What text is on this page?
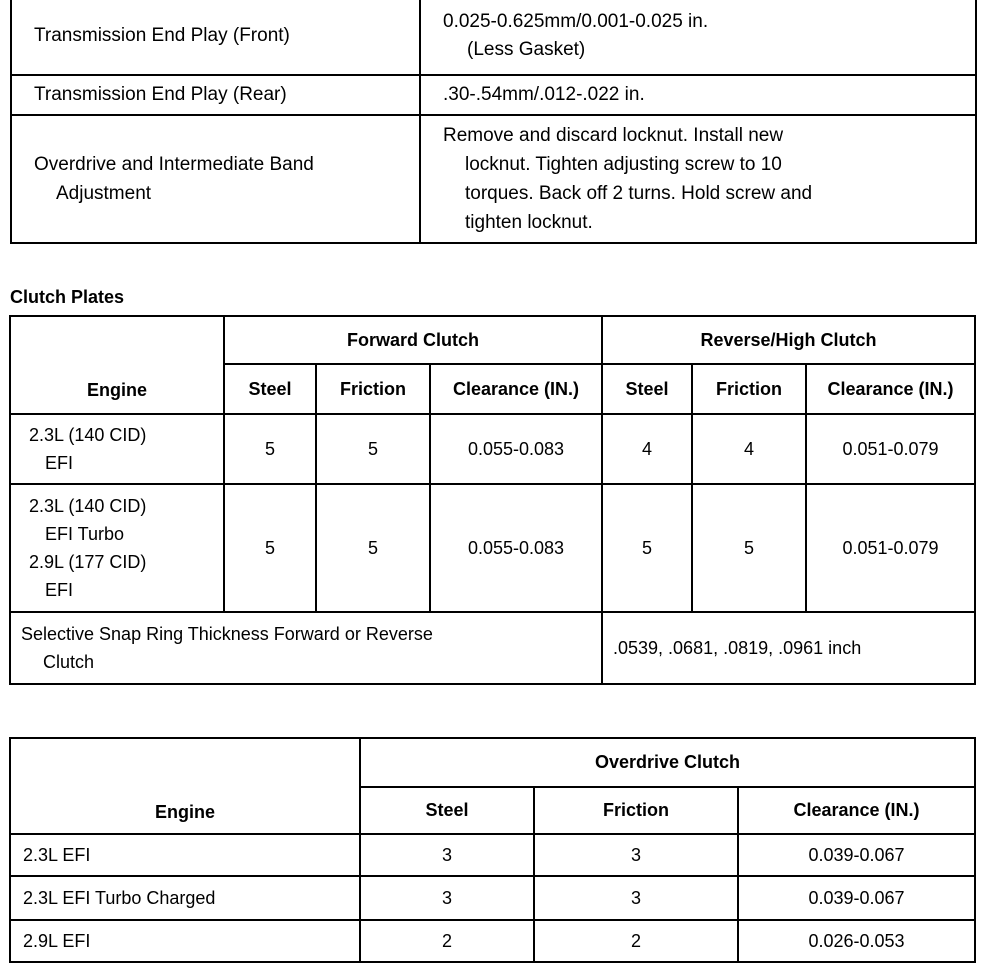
Transmission End Play (Front)	0.025-0.625mm/0.001-0.025 in.
(Less Gasket)

Transmission End Play (Rear)	.30-.54mm/.012-.022 in.

Overdrive and Intermediate Band
Adjustment	Remove and discard locknut. Install new
locknut. Tighten adjusting screw to 10
torques. Back off 2 turns. Hold screw and
tighten locknut.
Clutch Plates
Engine	Forward Clutch			Reverse/High Clutch		
	Steel	Friction	Clearance (IN.)	Steel	Friction	Clearance (IN.)

2.3L (140 CID)
EFI	5	5	0.055-0.083	4	4	0.051-0.079

2.3L (140 CID)
EFI Turbo
2.9L (177 CID)
EFI	5	5	0.055-0.083	5	5	0.051-0.079

Selective Snap Ring Thickness Forward or Reverse
Clutch				.0539, .0681, .0819, .0961 inch		
Engine	Overdrive Clutch		
	Steel	Friction	Clearance (IN.)
2.3L EFI	3	3	0.039-0.067
2.3L EFI Turbo Charged	3	3	0.039-0.067
2.9L EFI	2	2	0.026-0.053
